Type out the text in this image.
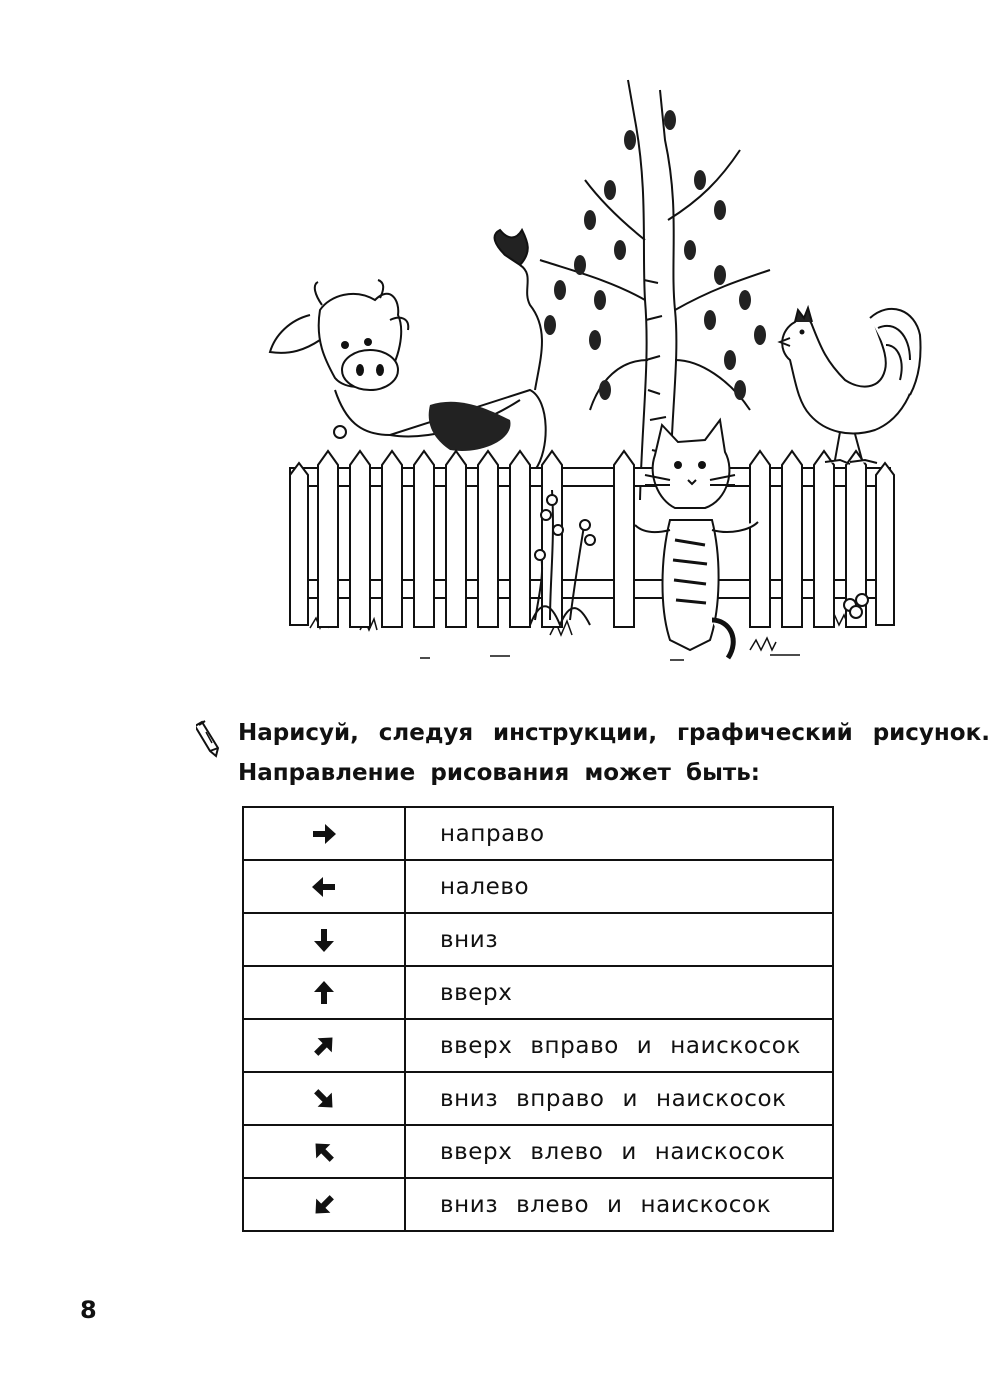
Нарисуй, следуя инструкции, графический рисунок.
Направление рисования может быть:
	направо

	налево

	вниз

	вверх

	вверх вправо и наискосок

	вниз вправо и наискосок

	вверх влево и наискосок

	вниз влево и наискосок
8
